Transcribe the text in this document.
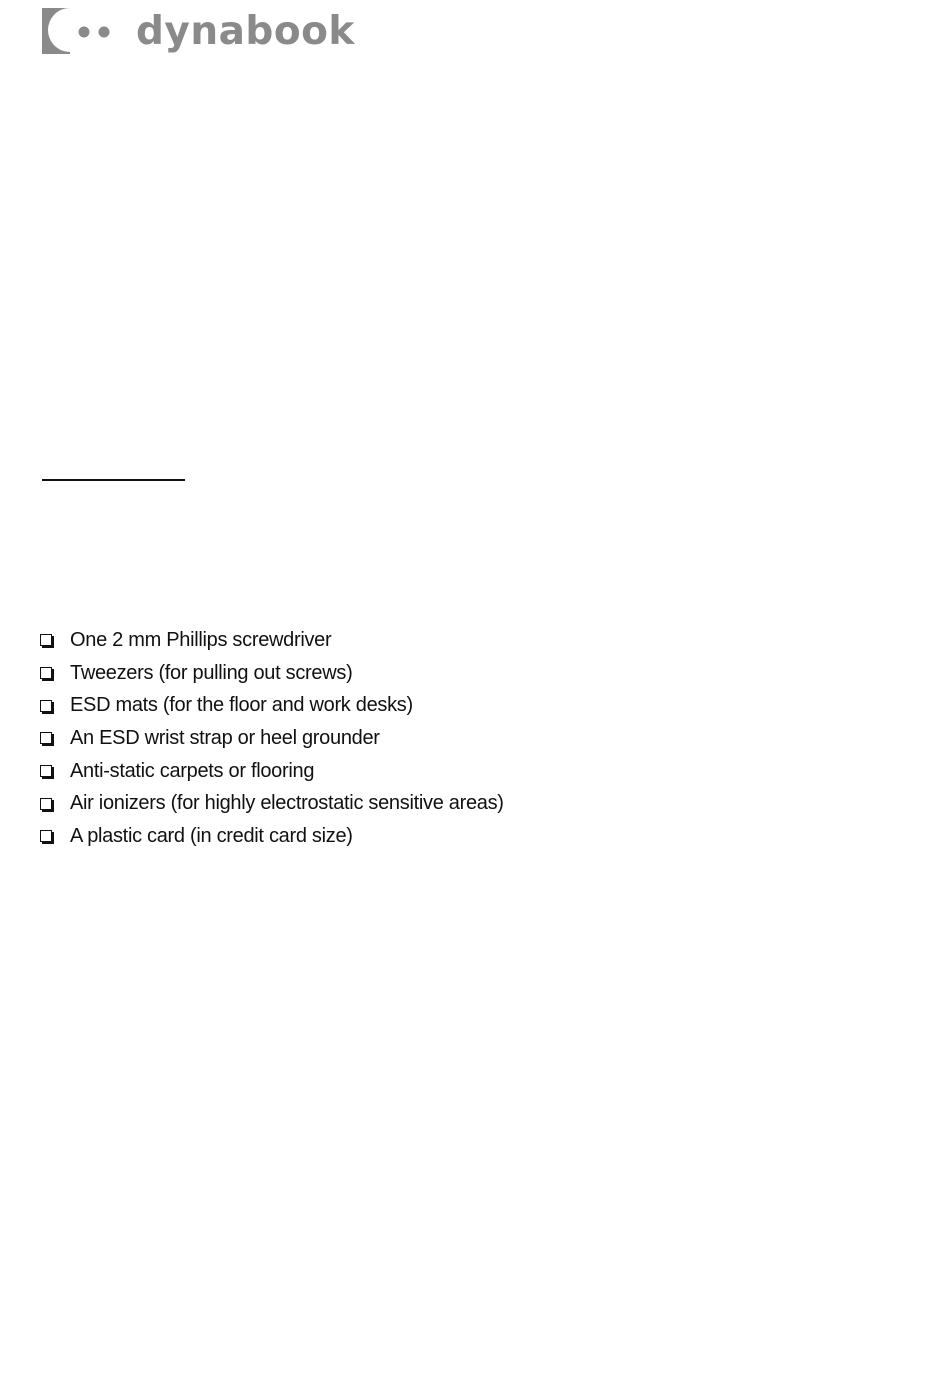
dynabook
One 2 mm Phillips screwdriver
Tweezers (for pulling out screws)
ESD mats (for the floor and work desks)
An ESD wrist strap or heel grounder
Anti-static carpets or flooring
Air ionizers (for highly electrostatic sensitive areas)
A plastic card (in credit card size)
